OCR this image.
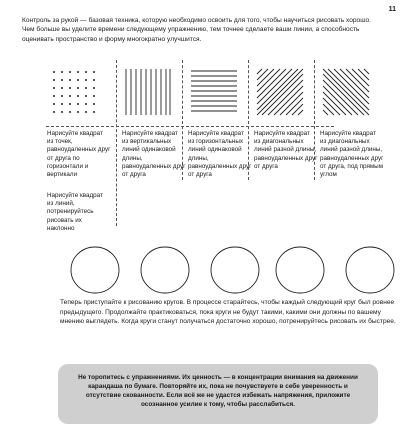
11
Контроль за рукой — базовая техника, которую необходимо освоить для того, чтобы научиться рисовать хорошо. Чем больше вы уделите времени следующему упражнению, тем точнее сделаете ваши линии, а способность оценивать пространство и форму многократно улучшится.
Нарисуйте квадрат из точек, равноудаленных друг от друга по горизонтали и вертикали
Нарисуйте квадрат из вертикальных линий одинаковой длины, равноудаленных друг от друга
Нарисуйте квадрат из горизонтальных линий одинаковой длины, равноудаленных друг от друга
Нарисуйте квадрат из диагональных линий разной длины, равноудаленных друг от друга
Нарисуйте квадрат из диагональных линий разной длины, равноудаленных друг от друга, под прямым углом
Нарисуйте квадрат из линий, потренируйтесь рисовать их наклонно
Теперь приступайте к рисованию кругов. В процессе старайтесь, чтобы каждый следующий круг был ровнее предыдущего. Продолжайте практиковаться, пока круги не будут такими, какими они должны по вашему мнению выглядеть. Когда круги станут получаться достаточно хорошо, потренируйтесь рисовать их быстрее.
Не торопитесь с упражнениями. Их ценность — в концентрации внимания на движении карандаша по бумаге. Повторяйте их, пока не почувствуете в себе уверенность и отсутствие скованности. Если всё же не удастся избежать напряжения, приложите осознанное усилие к тому, чтобы расслабиться.
